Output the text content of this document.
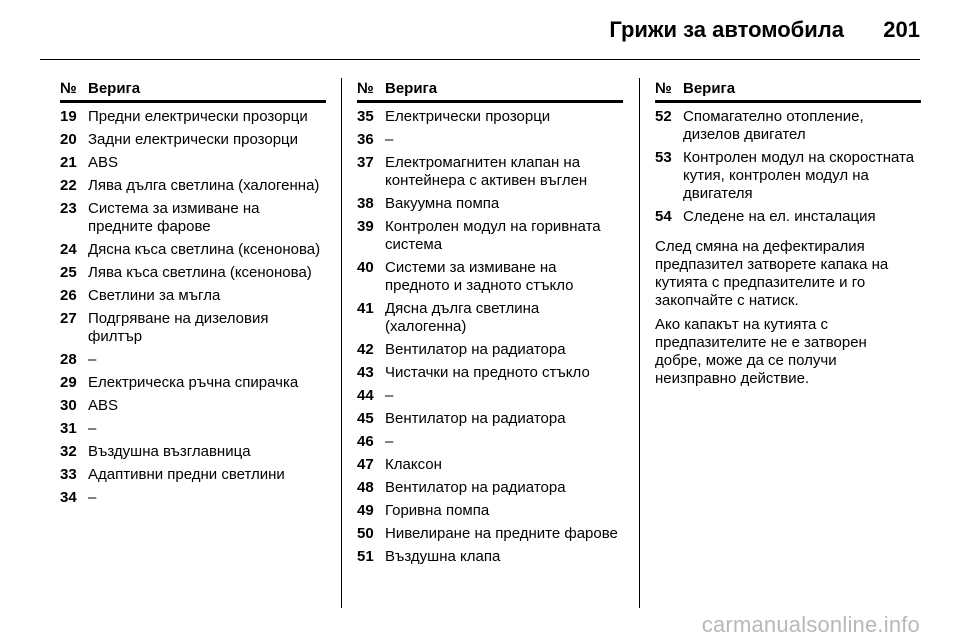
Грижи за автомобила 201
№ Верига
19 Предни електрически прозорци
20 Задни електрически прозорци
21 ABS
22 Лява дълга светлина (халогенна)
23 Система за измиване на предните фарове
24 Дясна къса светлина (ксенонова)
25 Лява къса светлина (ксенонова)
26 Светлини за мъгла
27 Подгряване на дизеловия филтър
28 –
29 Електрическа ръчна спирачка
30 ABS
31 –
32 Въздушна възглавница
33 Адаптивни предни светлини
34 –
№ Верига
35 Електрически прозорци
36 –
37 Електромагнитен клапан на контейнера с активен въглен
38 Вакуумна помпа
39 Контролен модул на горивната система
40 Системи за измиване на предното и задното стъкло
41 Дясна дълга светлина (халогенна)
42 Вентилатор на радиатора
43 Чистачки на предното стъкло
44 –
45 Вентилатор на радиатора
46 –
47 Клаксон
48 Вентилатор на радиатора
49 Горивна помпа
50 Нивелиране на предните фарове
51 Въздушна клапа
№ Верига
52 Спомагателно отопление, дизелов двигател
53 Контролен модул на скоростната кутия, контролен модул на двигателя
54 Следене на ел. инсталация

След смяна на дефектиралия предпазител затворете капака на кутията с предпазителите и го закопчайте с натиск.

Ако капакът на кутията с предпазителите не е затворен добре, може да се получи неизправно действие.

carmanualsonline.info
